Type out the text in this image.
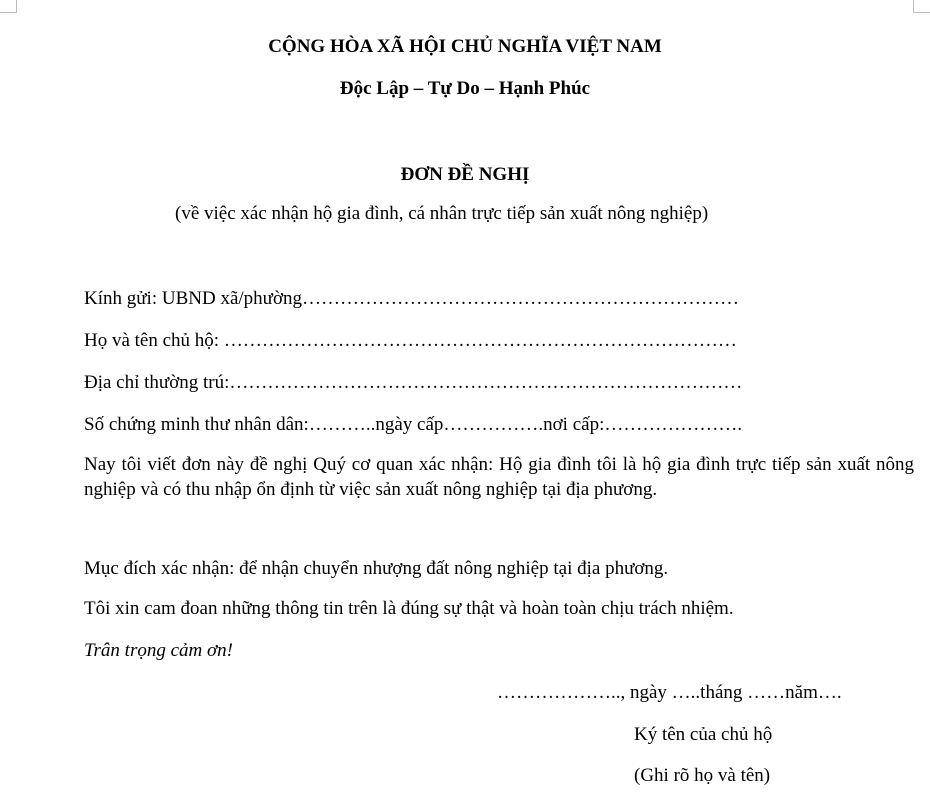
CỘNG HÒA XÃ HỘI CHỦ NGHĨA VIỆT NAM
Độc Lập – Tự Do – Hạnh Phúc
ĐƠN ĐỀ NGHỊ
(về việc xác nhận hộ gia đình, cá nhân trực tiếp sản xuất nông nghiệp)
Kính gửi: UBND xã/phường……………………………………………………………
Họ và tên chủ hộ: ………………………………………………………………………
Địa chỉ thường trú:………………………………………………………………………
Số chứng minh thư nhân dân:………..ngày cấp…………….nơi cấp:………………….
Nay tôi viết đơn này đề nghị Quý cơ quan xác nhận: Hộ gia đình tôi là hộ gia đình trực tiếp sản xuất nông nghiệp và có thu nhập ổn định từ việc sản xuất nông nghiệp tại địa phương.
Mục đích xác nhận: để nhận chuyển nhượng đất nông nghiệp tại địa phương.
Tôi xin cam đoan những thông tin trên là đúng sự thật và hoàn toàn chịu trách nhiệm.
Trân trọng cảm ơn!
……………….., ngày …..tháng ……năm….
Ký tên của chủ hộ
(Ghi rõ họ và tên)
